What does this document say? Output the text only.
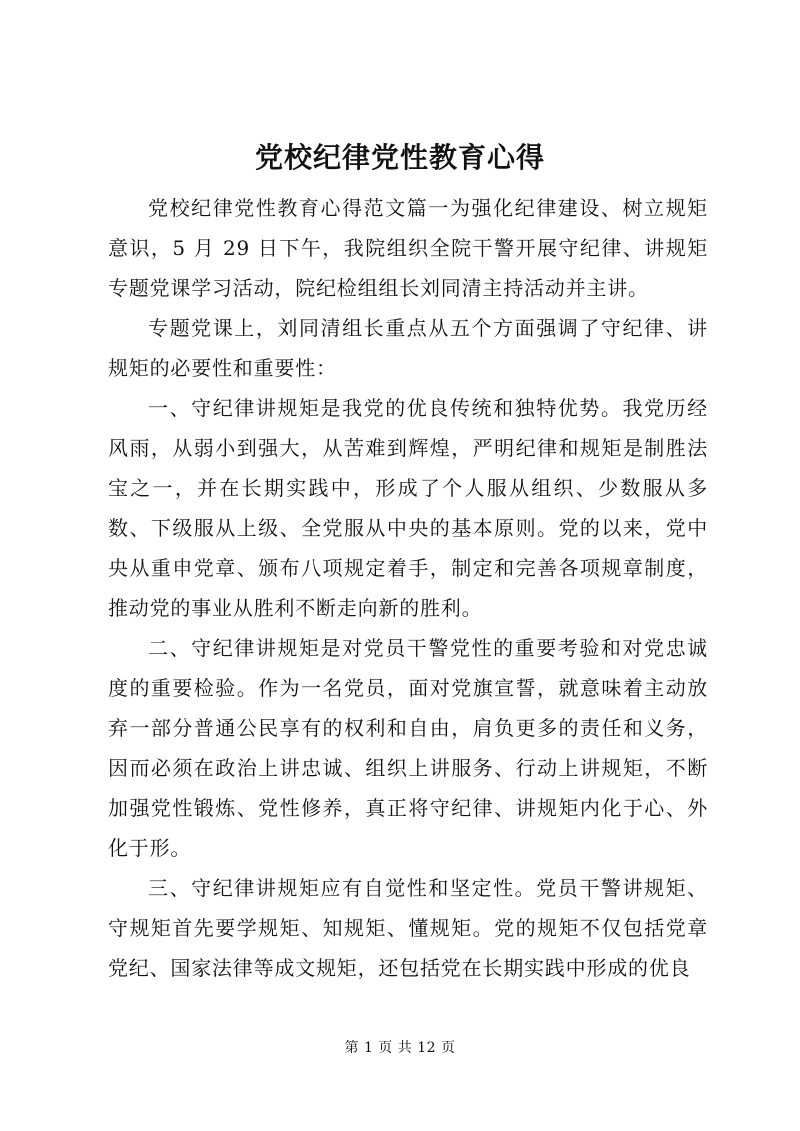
党校纪律党性教育心得

党校纪律党性教育心得范文篇一为强化纪律建设、树立规矩意识，5 月 29 日下午，我院组织全院干警开展守纪律、讲规矩专题党课学习活动，院纪检组组长刘同清主持活动并主讲。

专题党课上，刘同清组长重点从五个方面强调了守纪律、讲规矩的必要性和重要性：

一、守纪律讲规矩是我党的优良传统和独特优势。我党历经风雨，从弱小到强大，从苦难到辉煌，严明纪律和规矩是制胜法宝之一，并在长期实践中，形成了个人服从组织、少数服从多数、下级服从上级、全党服从中央的基本原则。党的以来，党中央从重申党章、颁布八项规定着手，制定和完善各项规章制度，推动党的事业从胜利不断走向新的胜利。

二、守纪律讲规矩是对党员干警党性的重要考验和对党忠诚度的重要检验。作为一名党员，面对党旗宣誓，就意味着主动放弃一部分普通公民享有的权利和自由，肩负更多的责任和义务，因而必须在政治上讲忠诚、组织上讲服务、行动上讲规矩，不断加强党性锻炼、党性修养，真正将守纪律、讲规矩内化于心、外化于形。

三、守纪律讲规矩应有自觉性和坚定性。党员干警讲规矩、守规矩首先要学规矩、知规矩、懂规矩。党的规矩不仅包括党章党纪、国家法律等成文规矩，还包括党在长期实践中形成的优良

第 1 页 共 12 页
